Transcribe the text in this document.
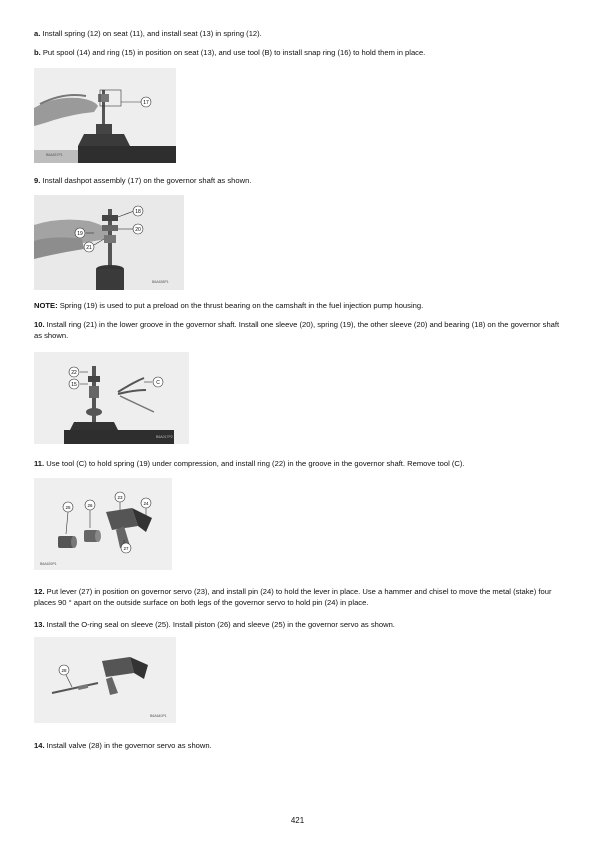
a. Install spring (12) on seat (11), and install seat (13) in spring (12).

b. Put spool (14) and ring (15) in position on seat (13), and use tool (B) to install snap ring (16) to hold them in place.

17
B6A637P1

9. Install dashpot assembly (17) on the governor shaft as shown.

18
19
20
21
B6A638P1

NOTE: Spring (19) is used to put a preload on the thrust bearing on the camshaft in the fuel injection pump housing.

10. Install ring (21) in the lower groove in the governor shaft. Install one sleeve (20), spring (19), the other sleeve (20) and bearing (18) on the governor shaft as shown.

22
15	C
B6A017P2

11. Use tool (C) to hold spring (19) under compression, and install ring (22) in the groove in the governor shaft. Remove tool (C).

25	26
23
24
27
B6A639P1

12. Put lever (27) in position on governor servo (23), and install pin (24) to hold the lever in place. Use a hammer and chisel to move the metal (stake) four places 90 ° apart on the outside surface on both legs of the governor servo to hold pin (24) in place.

13. Install the O-ring seal on sleeve (25). Install piston (26) and sleeve (25) in the governor servo as shown.

28
B6A640P1

14. Install valve (28) in the governor servo as shown.

421
